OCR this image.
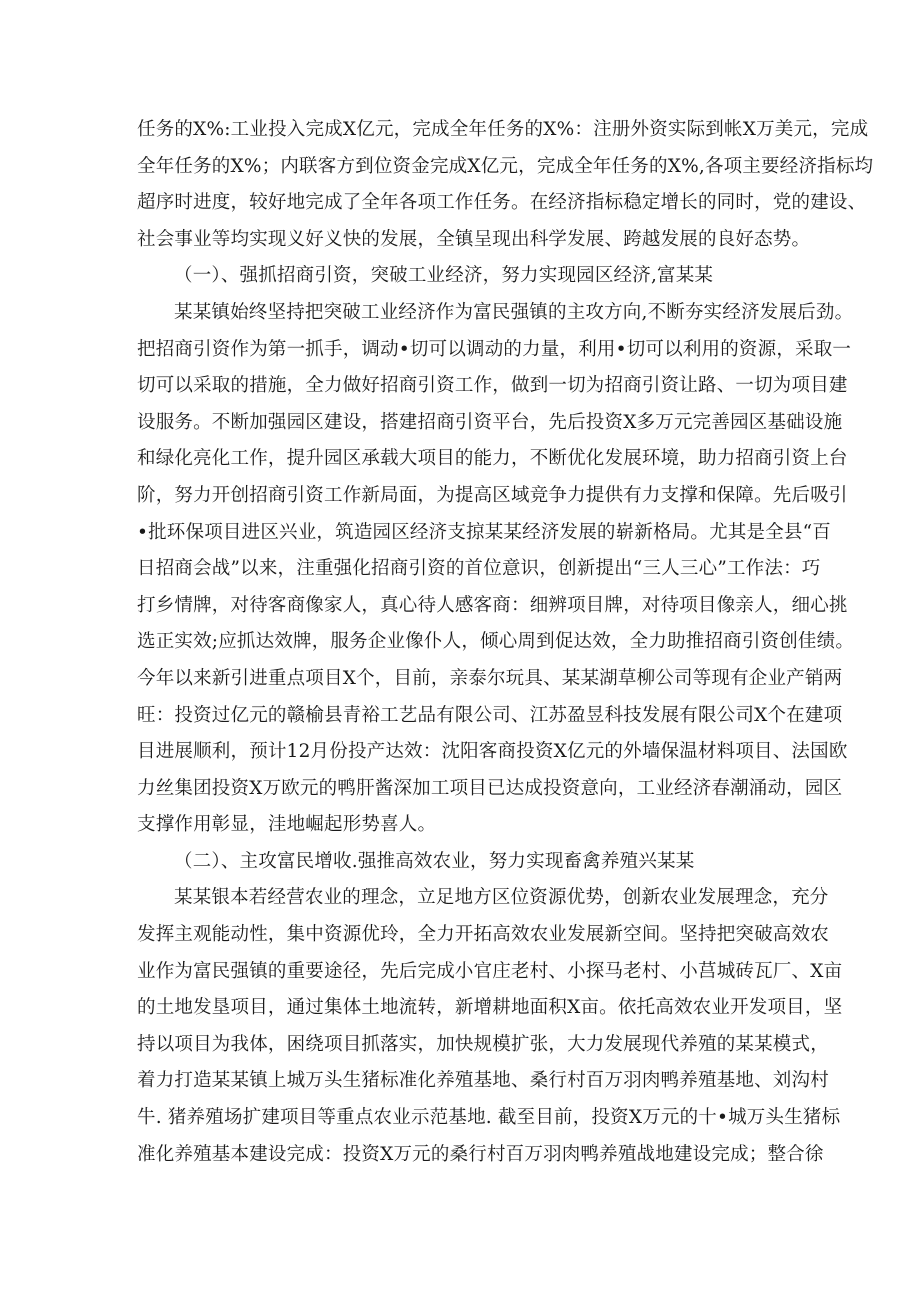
任务的X%:工业投入完成X亿元，完成全年任务的X%：注册外资实际到帐X万美元，完成
全年任务的X%；内联客方到位资金完成X亿元，完成全年任务的X%,各项主要经济指标均
超序时进度，较好地完成了全年各项工作任务。在经济指标稳定增长的同时，党的建设、
社会事业等均实现义好义快的发展，全镇呈现出科学发展、跨越发展的良好态势。
（一）、强抓招商引资，突破工业经济，努力实现园区经济,富某某
某某镇始终坚持把突破工业经济作为富民强镇的主攻方向,不断夯实经济发展后劲。
把招商引资作为第一抓手，调动•切可以调动的力量，利用•切可以利用的资源，采取一
切可以采取的措施，全力做好招商引资工作，做到一切为招商引资让路、一切为项目建
设服务。不断加强园区建设，搭建招商引资平台，先后投资X多万元完善园区基础设施
和绿化亮化工作，提升园区承载大项目的能力，不断优化发展环境，助力招商引资上台
阶，努力开创招商引资工作新局面，为提高区域竞争力提供有力支撑和保障。先后吸引
•批环保项目进区兴业，筑造园区经济支掠某某经济发展的崭新格局。尤其是全县“百
日招商会战”以来，注重强化招商引资的首位意识，创新提出“三人三心”工作法：巧
打乡情牌，对待客商像家人，真心待人感客商：细辨项目牌，对待项目像亲人，细心挑
选正实效;应抓达效牌，服务企业像仆人，倾心周到促达效，全力助推招商引资创佳绩。
今年以来新引进重点项目X个，目前，亲泰尔玩具、某某湖草柳公司等现有企业产销两
旺：投资过亿元的赣榆县青裕工艺品有限公司、江苏盈昱科技发展有限公司X个在建项
目进展顺利，预计12月份投产达效：沈阳客商投资X亿元的外墙保温材料项目、法国欧
力丝集团投资X万欧元的鸭肝酱深加工项目已达成投资意向，工业经济春潮涌动，园区
支撑作用彰显，洼地崛起形势喜人。
（二）、主攻富民增收.强推高效农业，努力实现畜禽养殖兴某某
某某银本若经营农业的理念，立足地方区位资源优势，创新农业发展理念，充分
发挥主观能动性，集中资源优玲，全力开拓高效农业发展新空间。坚持把突破高效农
业作为富民强镇的重要途径，先后完成小官庄老村、小探马老村、小莒城砖瓦厂、X亩
的土地发垦项目，通过集体土地流转，新增耕地面积X亩。依托高效农业开发项目，坚
持以项目为我体，困绕项目抓落实，加快规模扩张，大力发展现代养殖的某某模式，
着力打造某某镇上城万头生猪标准化养殖基地、桑行村百万羽肉鸭养殖基地、刘沟村
牛. 猪养殖场扩建项目等重点农业示范基地. 截至目前，投资X万元的十•城万头生猪标
准化养殖基本建设完成：投资X万元的桑行村百万羽肉鸭养殖战地建设完成；整合徐
